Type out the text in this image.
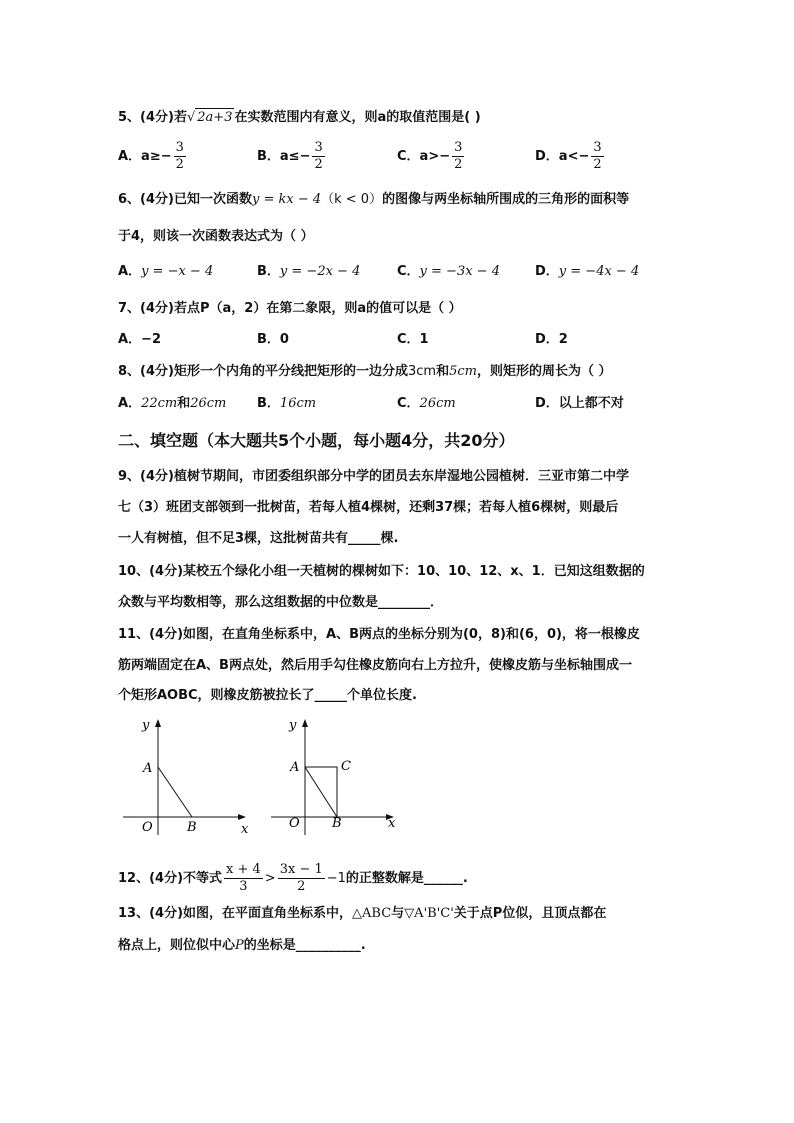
5、(4分)若√ 2a+3 在实数范围内有意义，则a的取值范围是( )
A．$a\ge- \frac{3}{2}$	B．$a\le- \frac{3}{2}$	C．$a>- \frac{3}{2}$	D．$a<- \frac{3}{2}$
6、(4分)已知一次函数y = kx − 4（k < 0）的图像与两坐标轴所围成的三角形的面积等
于4，则该一次函数表达式为（ ）
A．y = −x − 4	B．y = −2x − 4	C．y = −3x − 4	D．y = −4x − 4
7、(4分)若点P（a，2）在第二象限，则a的值可以是（ ）
A．−2	B．0	C．1	D．2
8、(4分)矩形一个内角的平分线把矩形的一边分成3cm和5cm，则矩形的周长为（ ）
A．22cm和26cm B．16cm	C．26cm	D．以上都不对
二、填空题（本大题共5个小题，每小题4分，共20分）
9、(4分)植树节期间，市团委组织部分中学的团员去东岸湿地公园植树．三亚市第二中学
七（3）班团支部领到一批树苗，若每人植4棵树，还剩37棵；若每人植6棵树，则最后
一人有树植，但不足3棵，这批树苗共有_____棵.
10、(4分)某校五个绿化小组一天植树的棵树如下：10、10、12、x、1．已知这组数据的
众数与平均数相等，那么这组数据的中位数是________．
11、(4分)如图，在直角坐标系中，A、B两点的坐标分别为(0，8)和(6，0)，将一根橡皮
筋两端固定在A、B两点处，然后用手勾住橡皮筋向右上方拉升，使橡皮筋与坐标轴围成一
个矩形AOBC，则橡皮筋被拉长了_____个单位长度.
y
A
O	B	x
y
A	C
O B	x
12、(4分)不等式 $\frac{x + 4}{3} > \frac{3x - 1}{2} -1$的正整数解是______.
13、(4分)如图，在平面直角坐标系中，△ABC与▽A'B'C'关于点P位似，且顶点都在
格点上，则位似中心P的坐标是__________.
